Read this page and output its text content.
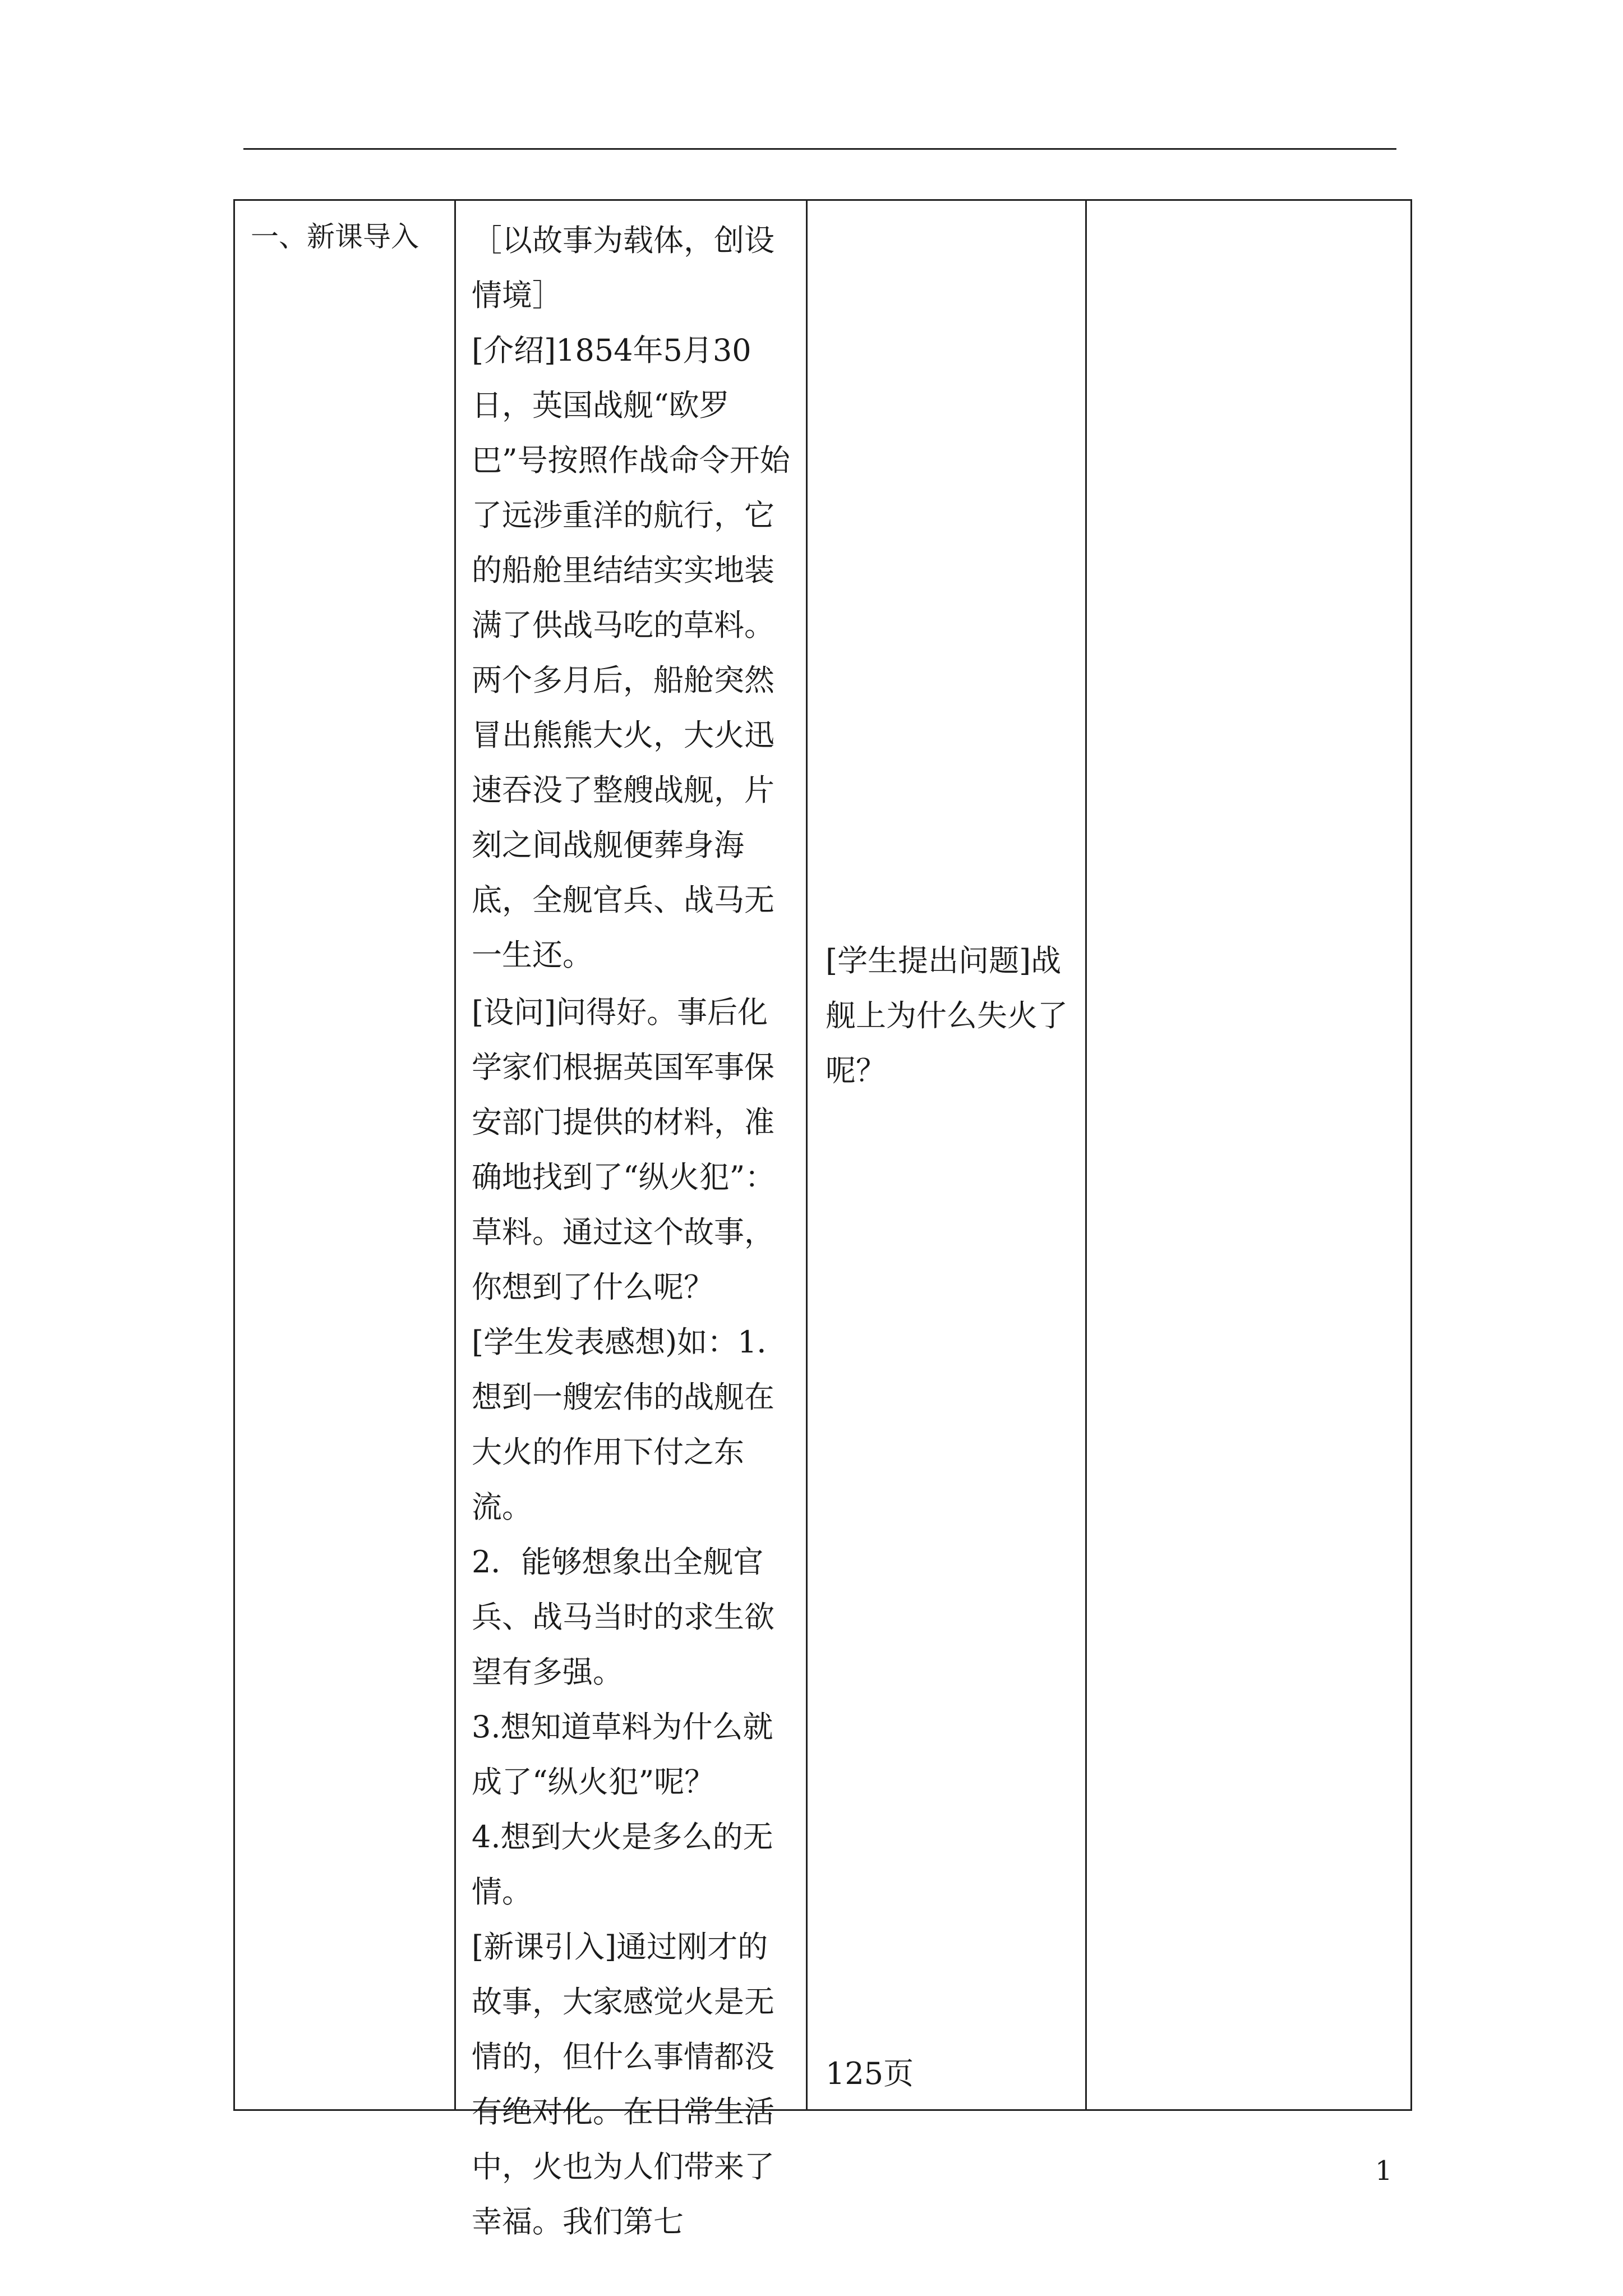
一、新课导入 ［以故事为载体，创设情境］

[介绍]1854年5月30日，英国战舰“欧罗巴”号按照作战命令开始了远涉重洋的航行，它的船舱里结结实实地装满了供战马吃的草料。两个多月后，船舱突然冒出熊熊大火，大火迅速吞没了整艘战舰，片刻之间战舰便葬身海底，全舰官兵、战马无一生还。

[设问]问得好。事后化学家们根据英国军事保安部门提供的材料，准确地找到了“纵火犯”：草料。通过这个故事，你想到了什么呢？

[学生发表感想)如：1．想到一艘宏伟的战舰在大火的作用下付之东流。

2．能够想象出全舰官兵、战马当时的求生欲望有多强。

3.想知道草料为什么就成了“纵火犯”呢？

4.想到大火是多么的无情。

[新课引入]通过刚才的故事，大家感觉火是无情的，但什么事情都没有绝对化。在日常生活中，火也为人们带来了幸福。我们第七

[学生提出问题]战舰上为什么失火了呢？
125页
1
